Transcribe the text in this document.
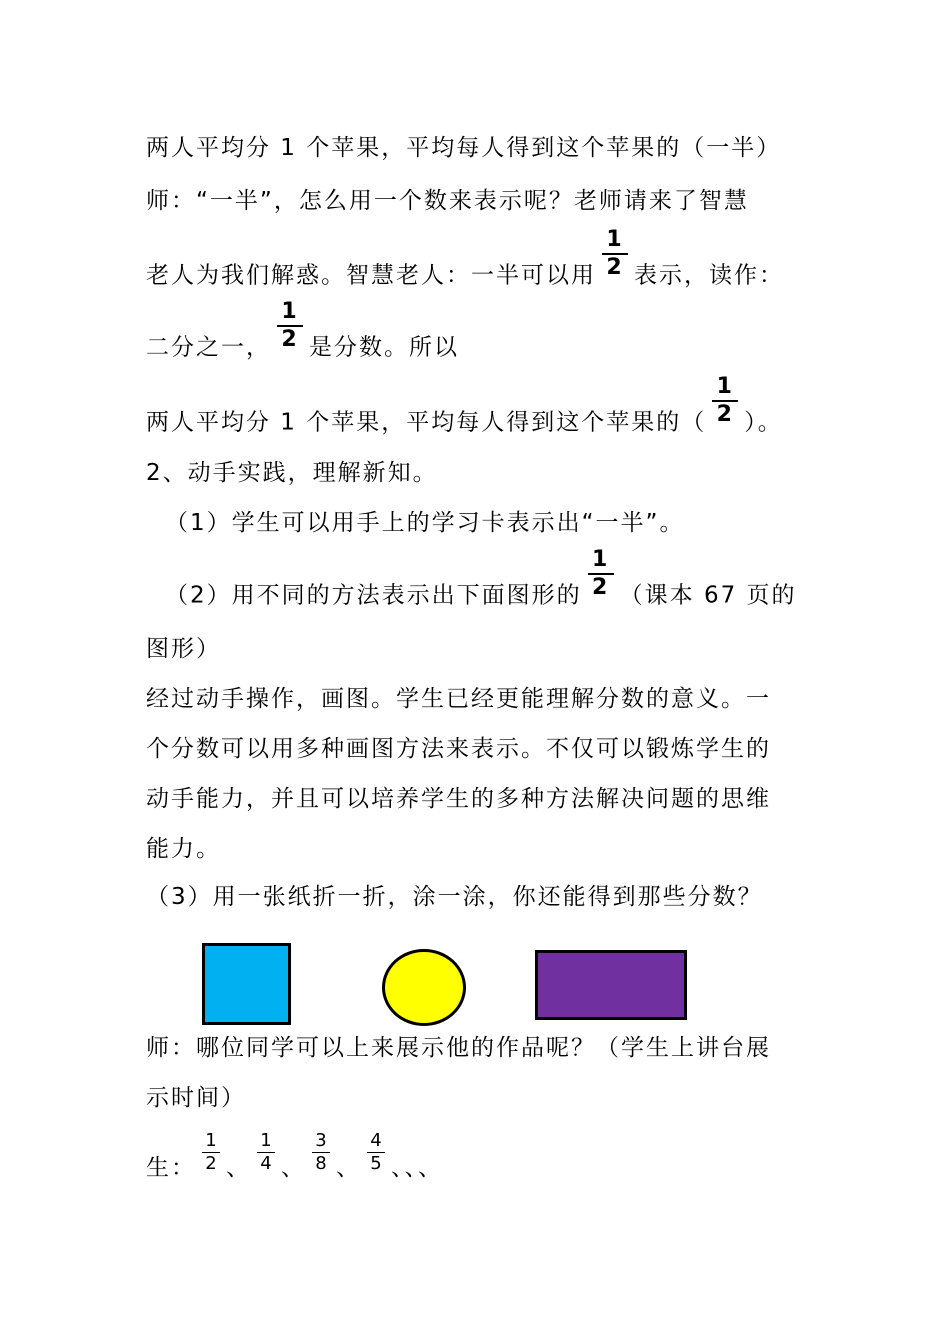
两人平均分 1 个苹果，平均每人得到这个苹果的（一半）
师：“一半”，怎么用一个数来表示呢？老师请来了智慧
老人为我们解惑。智慧老人：一半可以用 $\frac{1}{2}$ 表示，读作：
二分之一， $\frac{1}{2}$ 是分数。所以
两人平均分 1 个苹果，平均每人得到这个苹果的（ $\frac{1}{2}$ ）。
2、动手实践，理解新知。
（1）学生可以用手上的学习卡表示出“一半”。
（2）用不同的方法表示出下面图形的 $\frac{1}{2}$ （课本 67 页的
图形）
经过动手操作，画图。学生已经更能理解分数的意义。一
个分数可以用多种画图方法来表示。不仅可以锻炼学生的
动手能力，并且可以培养学生的多种方法解决问题的思维
能力。
（3）用一张纸折一折，涂一涂，你还能得到那些分数？
师：哪位同学可以上来展示他的作品呢？（学生上讲台展
示时间）
生： $\frac{1}{2}$ 、 $\frac{1}{4}$ 、 $\frac{3}{8}$ 、 $\frac{4}{5}$ 、、、
